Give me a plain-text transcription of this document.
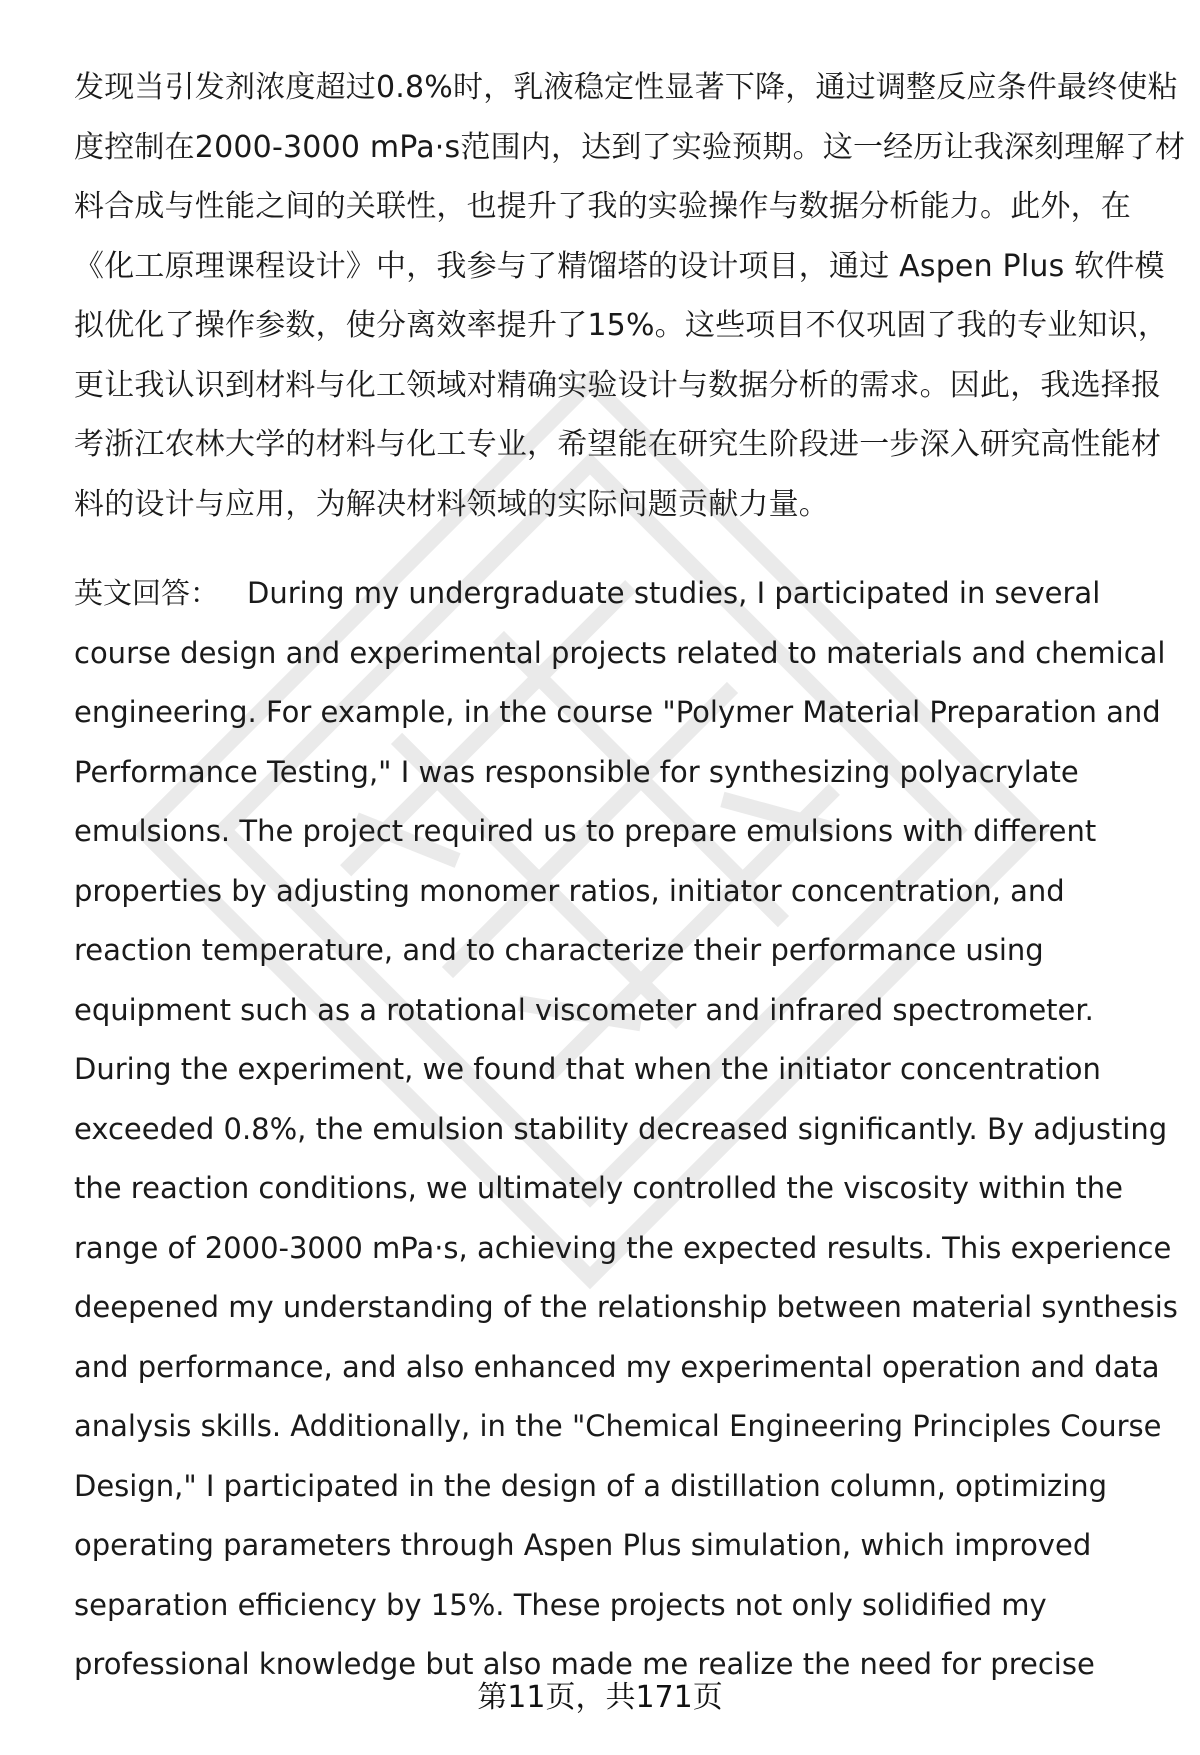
发现当引发剂浓度超过0.8%时，乳液稳定性显著下降，通过调整反应条件最终使粘
度控制在2000-3000 mPa·s范围内，达到了实验预期。这一经历让我深刻理解了材
料合成与性能之间的关联性，也提升了我的实验操作与数据分析能力。此外，在
《化工原理课程设计》中，我参与了精馏塔的设计项目，通过 Aspen Plus 软件模
拟优化了操作参数，使分离效率提升了15%。这些项目不仅巩固了我的专业知识，
更让我认识到材料与化工领域对精确实验设计与数据分析的需求。因此，我选择报
考浙江农林大学的材料与化工专业，希望能在研究生阶段进一步深入研究高性能材
料的设计与应用，为解决材料领域的实际问题贡献力量。

英文回答： During my undergraduate studies, I participated in several
course design and experimental projects related to materials and chemical
engineering. For example, in the course "Polymer Material Preparation and
Performance Testing," I was responsible for synthesizing polyacrylate
emulsions. The project required us to prepare emulsions with different
properties by adjusting monomer ratios, initiator concentration, and
reaction temperature, and to characterize their performance using
equipment such as a rotational viscometer and infrared spectrometer.
During the experiment, we found that when the initiator concentration
exceeded 0.8%, the emulsion stability decreased significantly. By adjusting
the reaction conditions, we ultimately controlled the viscosity within the
range of 2000-3000 mPa·s, achieving the expected results. This experience
deepened my understanding of the relationship between material synthesis
and performance, and also enhanced my experimental operation and data
analysis skills. Additionally, in the "Chemical Engineering Principles Course
Design," I participated in the design of a distillation column, optimizing
operating parameters through Aspen Plus simulation, which improved
separation efficiency by 15%. These projects not only solidified my
professional knowledge but also made me realize the need for precise

第11页，共171页
